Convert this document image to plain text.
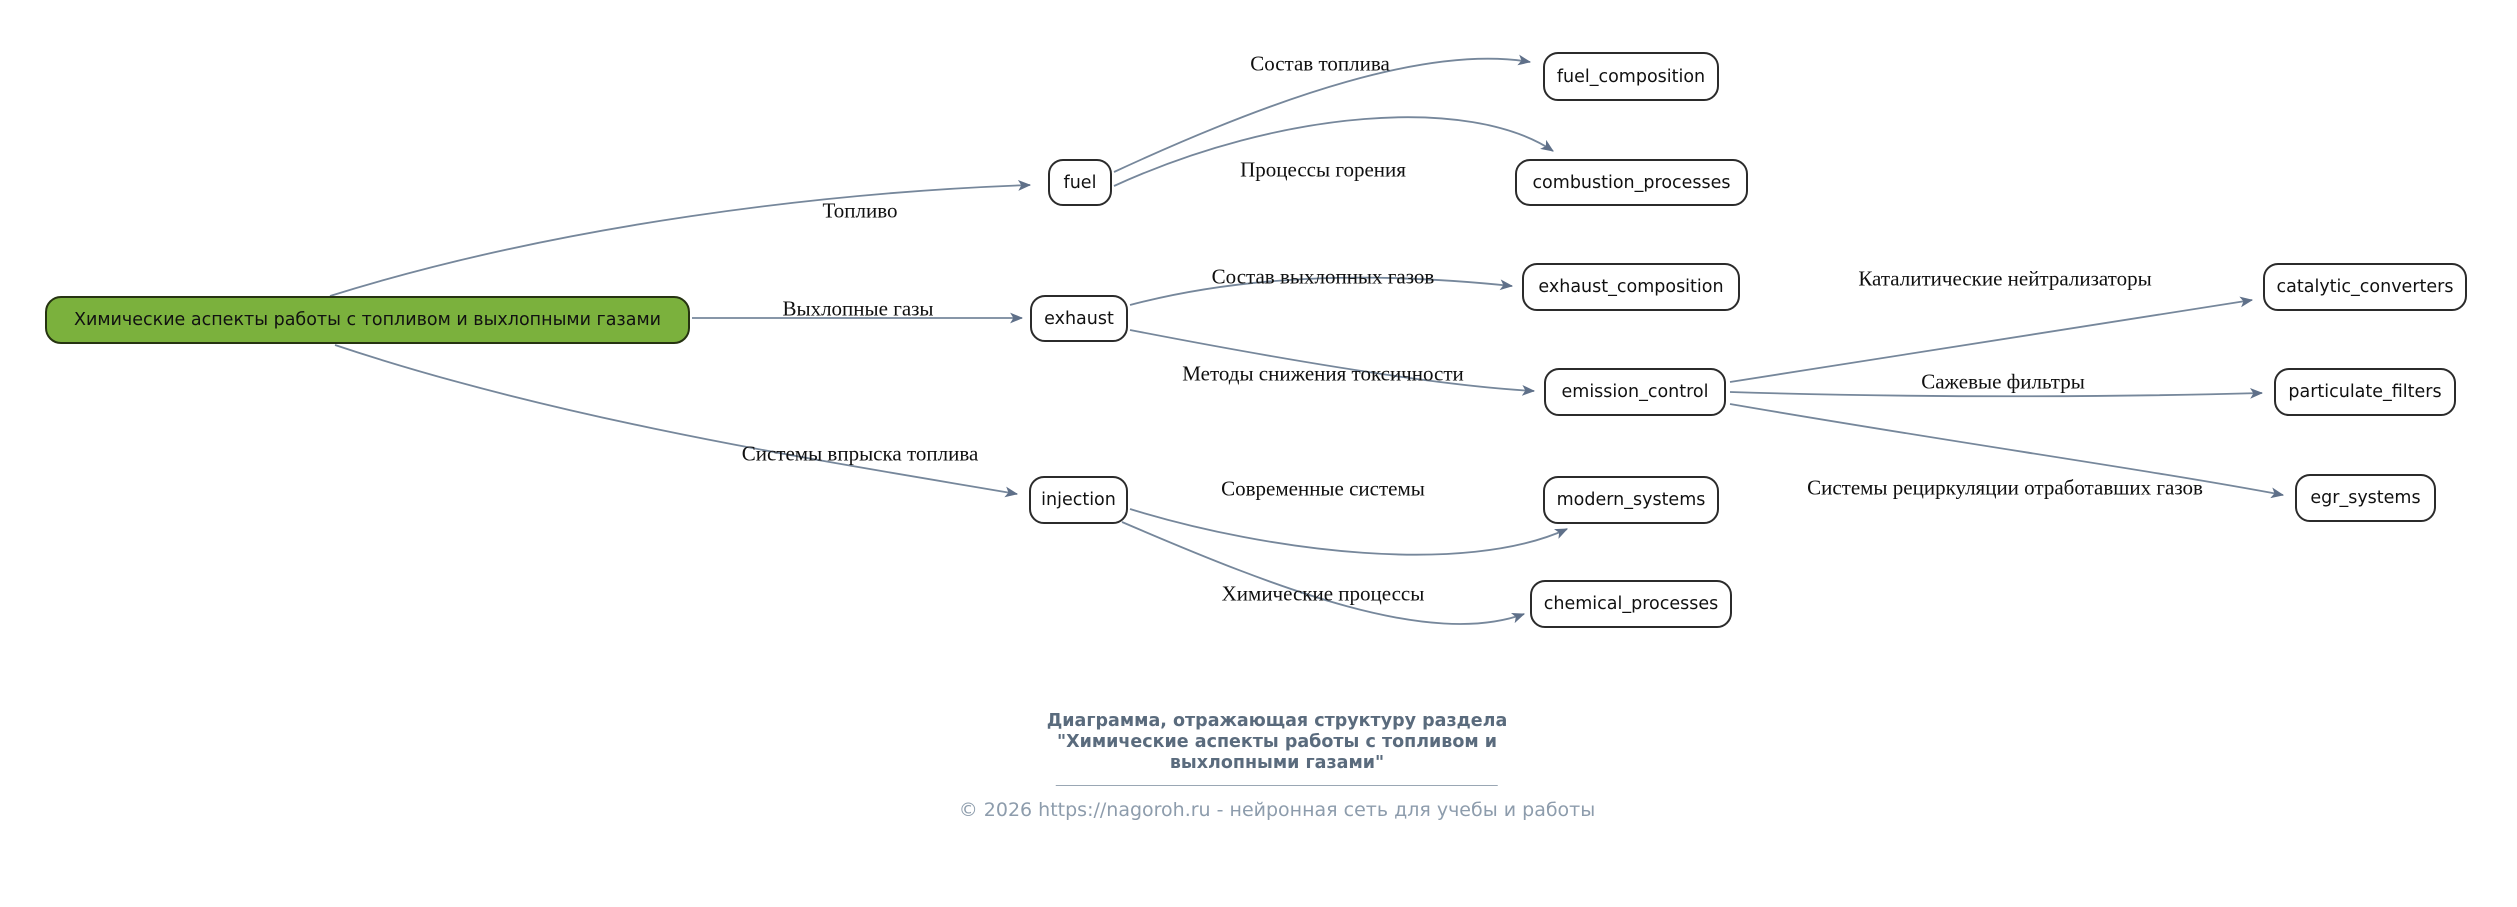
Топливо
Выхлопные газы
Системы впрыска топлива
Состав топлива
Процессы горения
Состав выхлопных газов
Методы снижения токсичности
Каталитические нейтрализаторы
Сажевые фильтры
Системы рециркуляции отработавших газов
Современные системы
Химические процессы
Химические аспекты работы с топливом и выхлопными газами
fuel
fuel_composition
combustion_processes
exhaust
exhaust_composition
emission_control
catalytic_converters
particulate_filters
egr_systems
injection	modern_systems
chemical_processes
Диаграмма, отражающая структуру раздела
"Химические аспекты работы с топливом и
выхлопными газами"
© 2026 https://nagoroh.ru - нейронная сеть для учебы и работы
